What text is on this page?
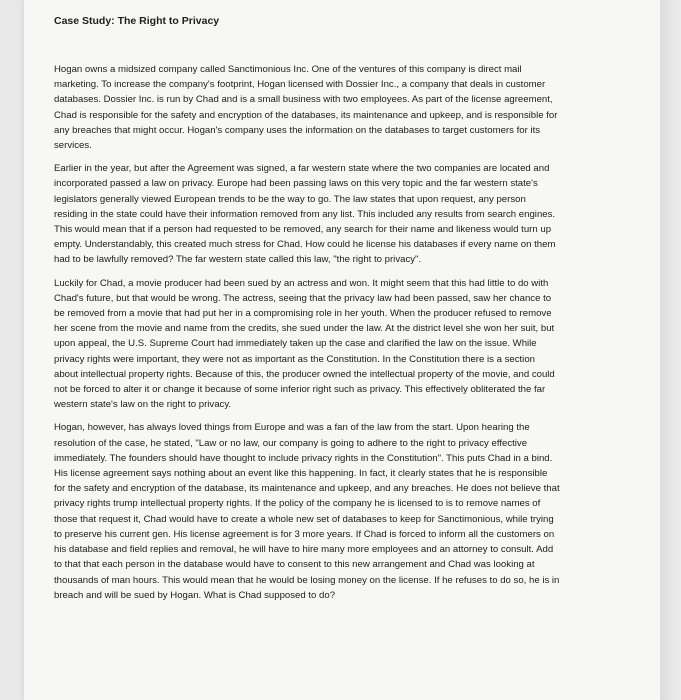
Case Study: The Right to Privacy

Hogan owns a midsized company called Sanctimonious Inc. One of the ventures of this company is direct mail marketing. To increase the company's footprint, Hogan licensed with Dossier Inc., a company that deals in customer databases. Dossier Inc. is run by Chad and is a small business with two employees. As part of the license agreement, Chad is responsible for the safety and encryption of the databases, its maintenance and upkeep, and is responsible for any breaches that might occur. Hogan's company uses the information on the databases to target customers for its services.

Earlier in the year, but after the Agreement was signed, a far western state where the two companies are located and incorporated passed a law on privacy. Europe had been passing laws on this very topic and the far western state's legislators generally viewed European trends to be the way to go. The law states that upon request, any person residing in the state could have their information removed from any list. This included any results from search engines. This would mean that if a person had requested to be removed, any search for their name and likeness would turn up empty. Understandably, this created much stress for Chad. How could he license his databases if every name on them had to be lawfully removed? The far western state called this law, "the right to privacy".

Luckily for Chad, a movie producer had been sued by an actress and won. It might seem that this had little to do with Chad's future, but that would be wrong. The actress, seeing that the privacy law had been passed, saw her chance to be removed from a movie that had put her in a compromising role in her youth. When the producer refused to remove her scene from the movie and name from the credits, she sued under the law. At the district level she won her suit, but upon appeal, the U.S. Supreme Court had immediately taken up the case and clarified the law on the issue. While privacy rights were important, they were not as important as the Constitution. In the Constitution there is a section about intellectual property rights. Because of this, the producer owned the intellectual property of the movie, and could not be forced to alter it or change it because of some inferior right such as privacy. This effectively obliterated the far western state's law on the right to privacy.

Hogan, however, has always loved things from Europe and was a fan of the law from the start. Upon hearing the resolution of the case, he stated, "Law or no law, our company is going to adhere to the right to privacy effective immediately. The founders should have thought to include privacy rights in the Constitution". This puts Chad in a bind. His license agreement says nothing about an event like this happening. In fact, it clearly states that he is responsible for the safety and encryption of the database, its maintenance and upkeep, and any breaches. He does not believe that privacy rights trump intellectual property rights. If the policy of the company he is licensed to is to remove names of those that request it, Chad would have to create a whole new set of databases to keep for Sanctimonious, while trying to preserve his current gen. His license agreement is for 3 more years. If Chad is forced to inform all the customers on his database and field replies and removal, he will have to hire many more employees and an attorney to consult. Add to that that each person in the database would have to consent to this new arrangement and Chad was looking at thousands of man hours. This would mean that he would be losing money on the license. If he refuses to do so, he is in breach and will be sued by Hogan. What is Chad supposed to do?
